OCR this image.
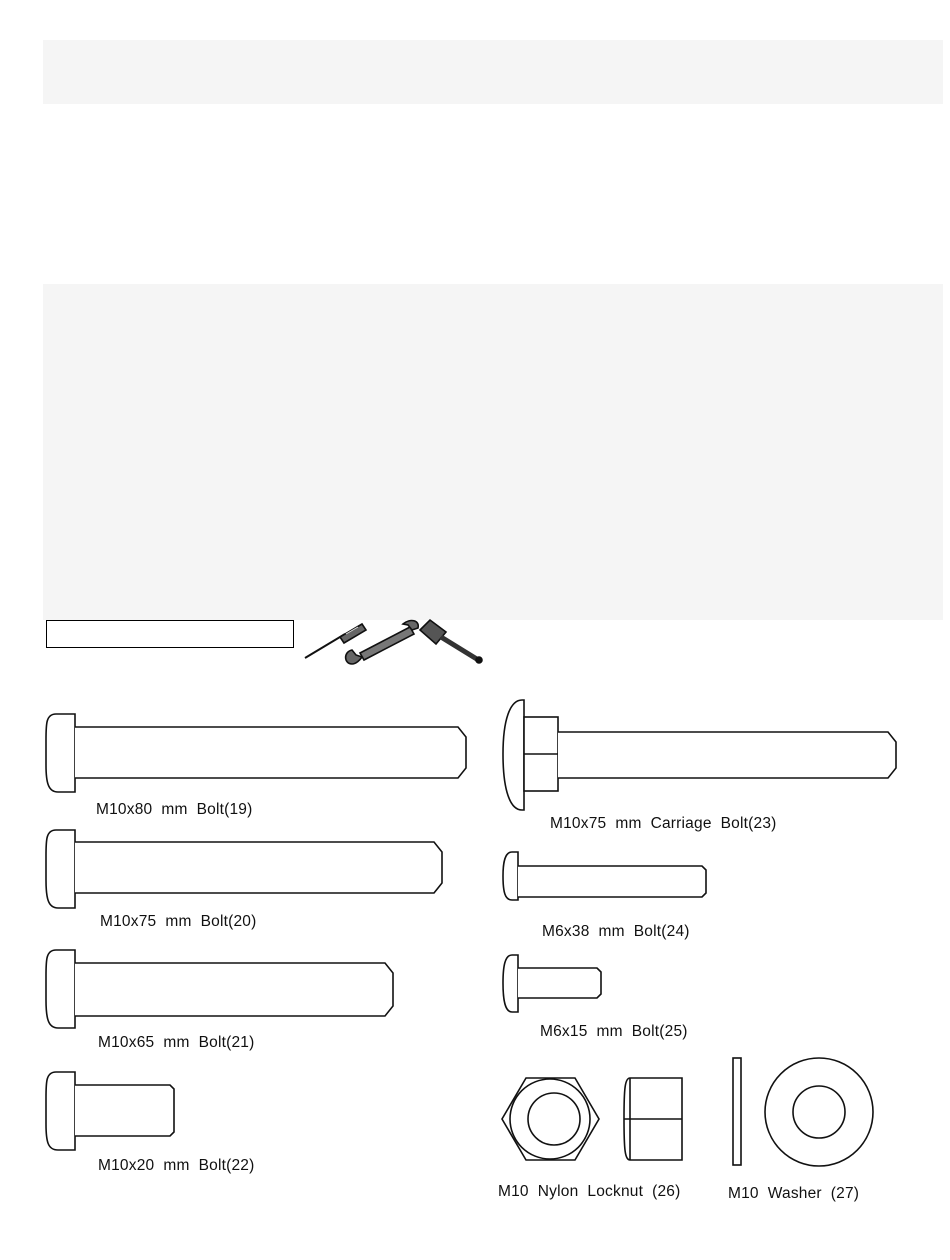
M10x80  mm  Bolt(19)
M10x75  mm  Bolt(20)
M10x65  mm  Bolt(21)
M10x20  mm  Bolt(22)
M10x75  mm  Carriage  Bolt(23)
M6x38  mm  Bolt(24)
M6x15  mm  Bolt(25)
M10  Nylon  Locknut  (26)	M10  Washer  (27)
